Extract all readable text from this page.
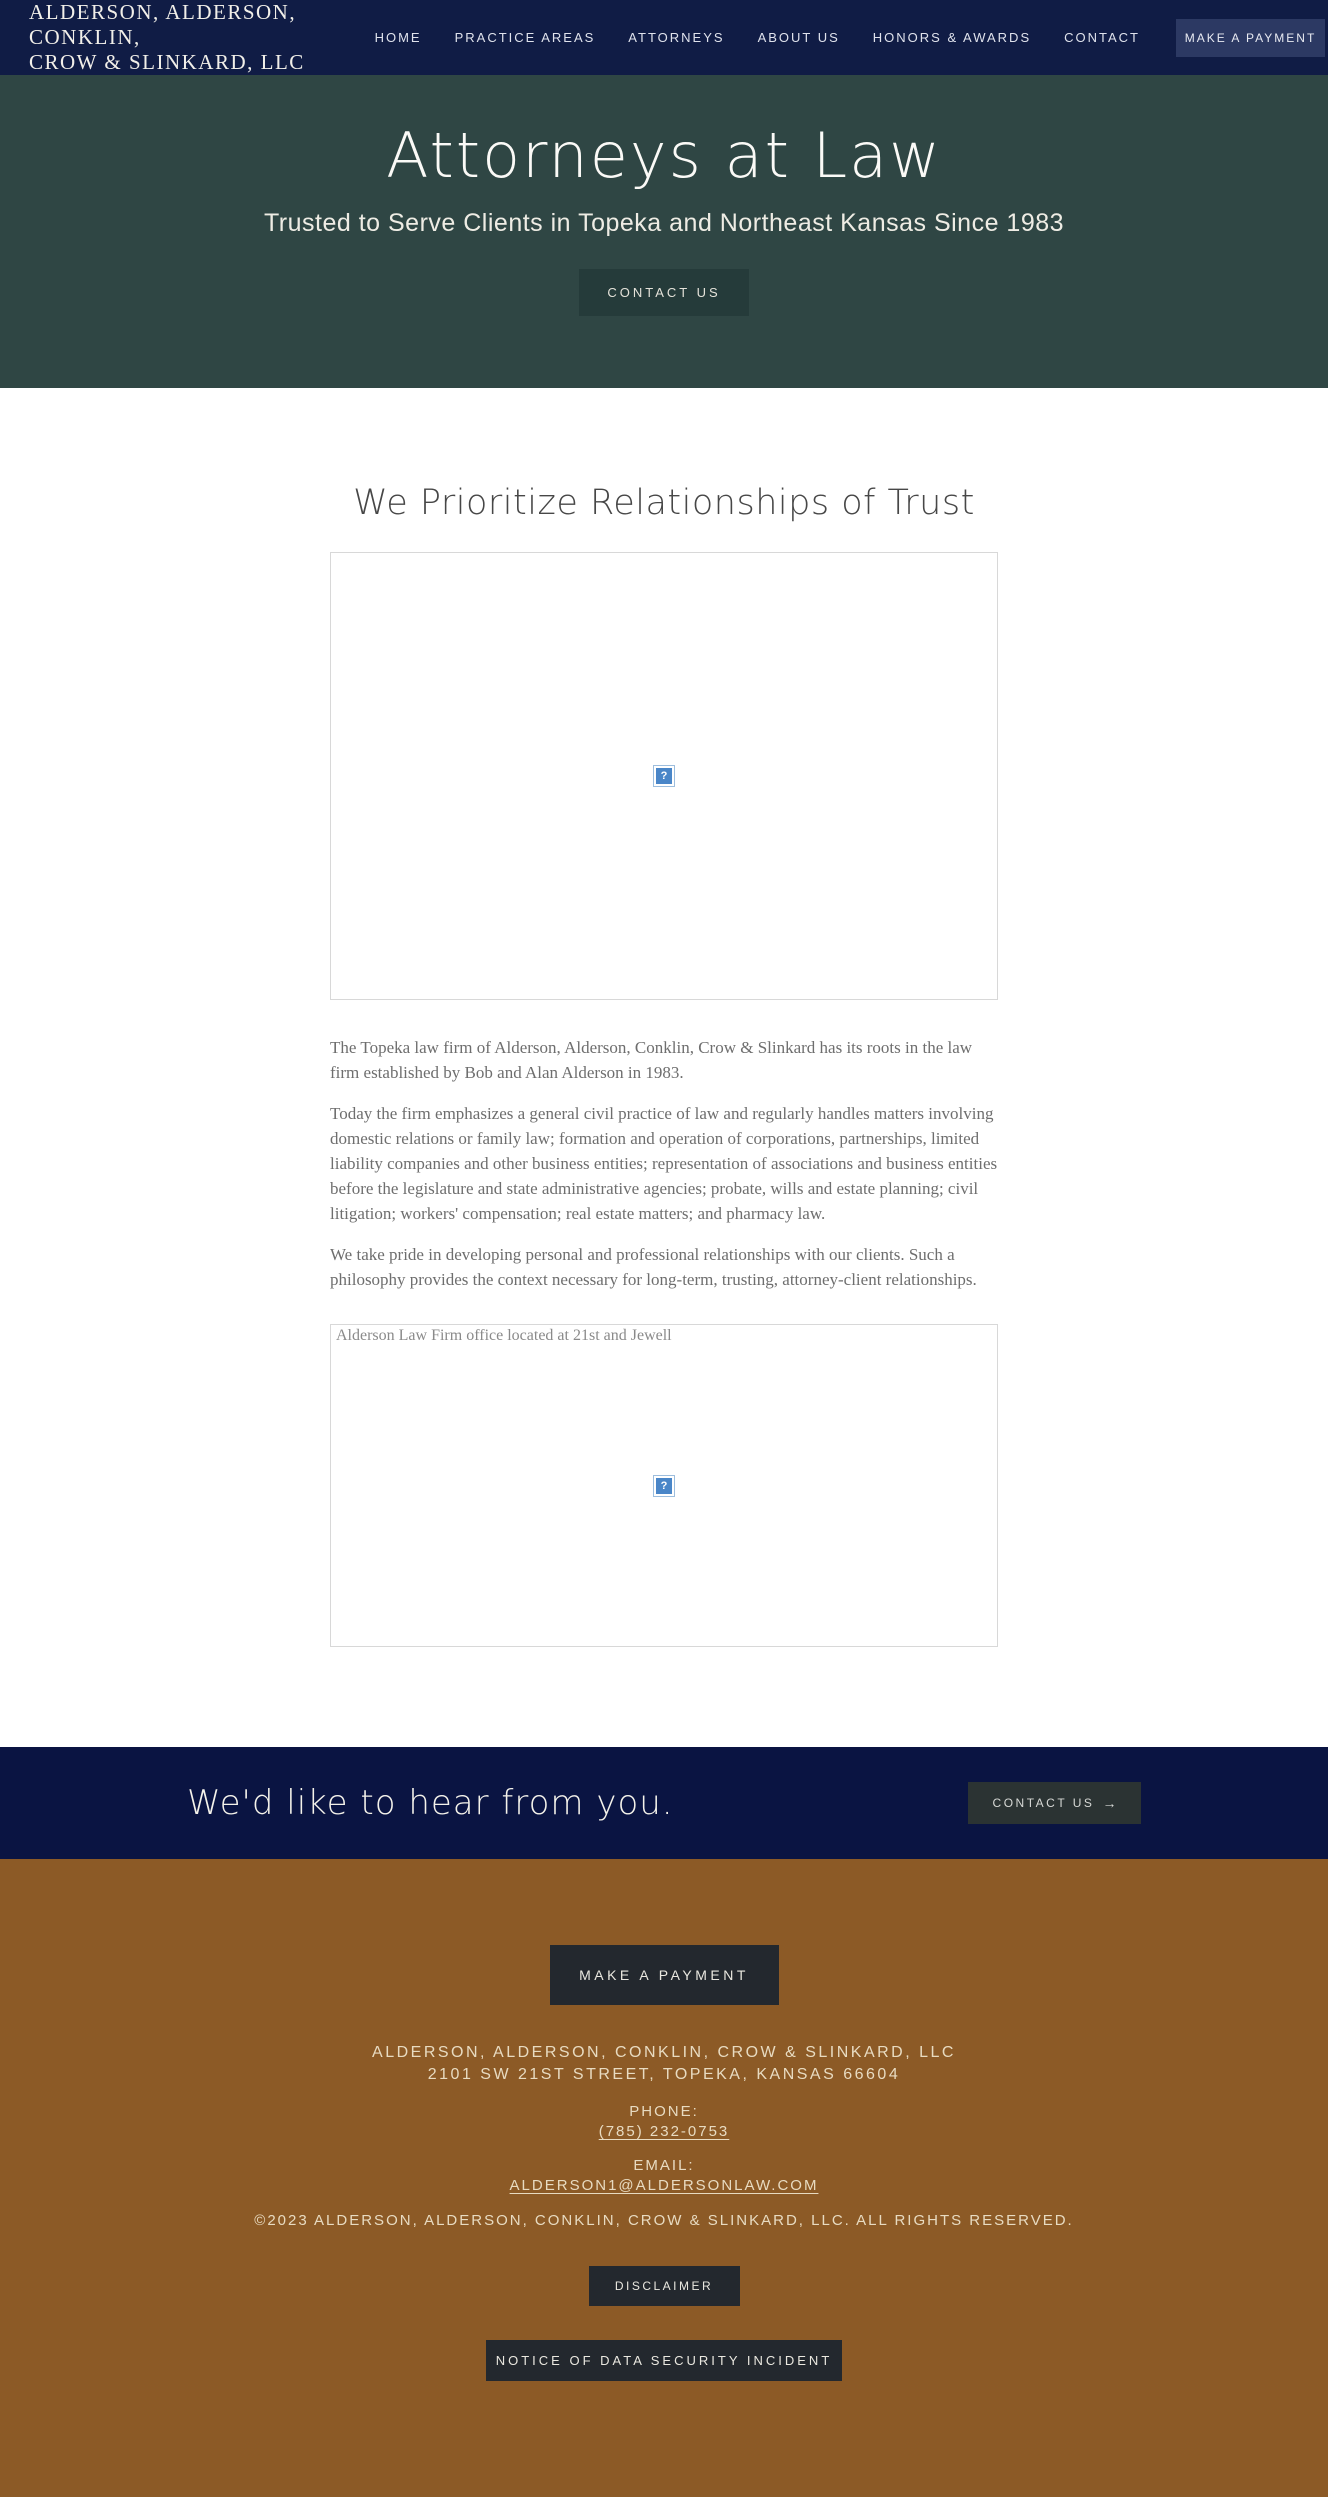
ALDERSON, ALDERSON, CONKLIN,
CROW & SLINKARD, LLC
HOME	PRACTICE AREAS	ATTORNEYS	ABOUT US	HONORS & AWARDS	CONTACT	MAKE A PAYMENT
Attorneys at Law
Trusted to Serve Clients in Topeka and Northeast Kansas Since 1983
CONTACT US
We Prioritize Relationships of Trust
?

The Topeka law firm of Alderson, Alderson, Conklin, Crow & Slinkard has its roots in the law firm established by Bob and Alan Alderson in 1983.

Today the firm emphasizes a general civil practice of law and regularly handles matters involving domestic relations or family law; formation and operation of corporations, partnerships, limited liability companies and other business entities; representation of associations and business entities before the legislature and state administrative agencies; probate, wills and estate planning; civil litigation; workers' compensation; real estate matters; and pharmacy law.

We take pride in developing personal and professional relationships with our clients. Such a philosophy provides the context necessary for long-term, trusting, attorney-client relationships.

Alderson Law Firm office located at 21st and Jewell
?
We'd like to hear from you.	CONTACT US →
MAKE A PAYMENT
ALDERSON, ALDERSON, CONKLIN, CROW & SLINKARD, LLC
2101 SW 21ST STREET, TOPEKA, KANSAS 66604
PHONE:
(785) 232-0753
EMAIL:
ALDERSON1@ALDERSONLAW.COM
©2023 ALDERSON, ALDERSON, CONKLIN, CROW & SLINKARD, LLC. ALL RIGHTS RESERVED.
DISCLAIMER
NOTICE OF DATA SECURITY INCIDENT
